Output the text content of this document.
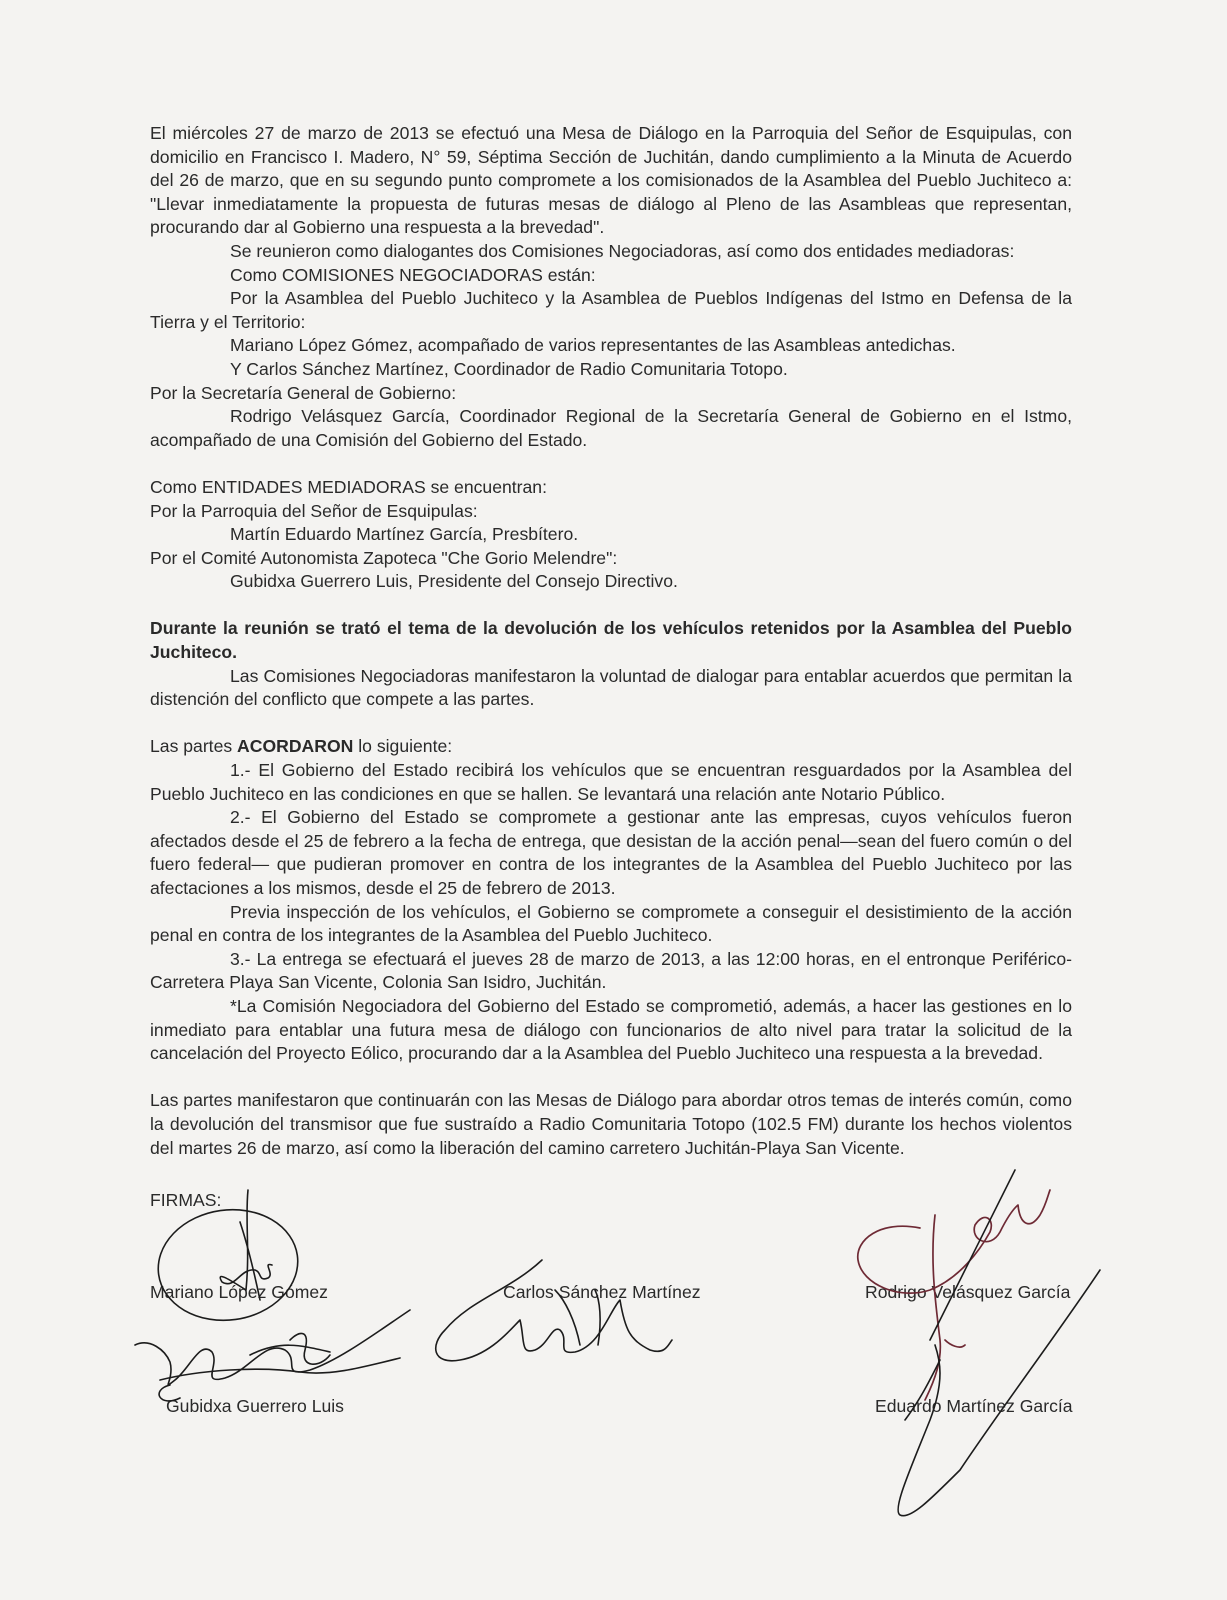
El miércoles 27 de marzo de 2013 se efectuó una Mesa de Diálogo en la Parroquia del Señor de Esquipulas, con domicilio en Francisco I. Madero, N° 59, Séptima Sección de Juchitán, dando cumplimiento a la Minuta de Acuerdo del 26 de marzo, que en su segundo punto compromete a los comisionados de la Asamblea del Pueblo Juchiteco a: "Llevar inmediatamente la propuesta de futuras mesas de diálogo al Pleno de las Asambleas que representan, procurando dar al Gobierno una respuesta a la brevedad".

Se reunieron como dialogantes dos Comisiones Negociadoras, así como dos entidades mediadoras:

Como COMISIONES NEGOCIADORAS están:

Por la Asamblea del Pueblo Juchiteco y la Asamblea de Pueblos Indígenas del Istmo en Defensa de la Tierra y el Territorio:

Mariano López Gómez, acompañado de varios representantes de las Asambleas antedichas.

Y Carlos Sánchez Martínez, Coordinador de Radio Comunitaria Totopo.

Por la Secretaría General de Gobierno:

Rodrigo Velásquez García, Coordinador Regional de la Secretaría General de Gobierno en el Istmo, acompañado de una Comisión del Gobierno del Estado.

Como ENTIDADES MEDIADORAS se encuentran:

Por la Parroquia del Señor de Esquipulas:

Martín Eduardo Martínez García, Presbítero.

Por el Comité Autonomista Zapoteca "Che Gorio Melendre":

Gubidxa Guerrero Luis, Presidente del Consejo Directivo.

Durante la reunión se trató el tema de la devolución de los vehículos retenidos por la Asamblea del Pueblo Juchiteco.

Las Comisiones Negociadoras manifestaron la voluntad de dialogar para entablar acuerdos que permitan la distención del conflicto que compete a las partes.

Las partes ACORDARON lo siguiente:

1.- El Gobierno del Estado recibirá los vehículos que se encuentran resguardados por la Asamblea del Pueblo Juchiteco en las condiciones en que se hallen. Se levantará una relación ante Notario Público.

2.- El Gobierno del Estado se compromete a gestionar ante las empresas, cuyos vehículos fueron afectados desde el 25 de febrero a la fecha de entrega, que desistan de la acción penal—sean del fuero común o del fuero federal— que pudieran promover en contra de los integrantes de la Asamblea del Pueblo Juchiteco por las afectaciones a los mismos, desde el 25 de febrero de 2013.

Previa inspección de los vehículos, el Gobierno se compromete a conseguir el desistimiento de la acción penal en contra de los integrantes de la Asamblea del Pueblo Juchiteco.

3.- La entrega se efectuará el jueves 28 de marzo de 2013, a las 12:00 horas, en el entronque Periférico-Carretera Playa San Vicente, Colonia San Isidro, Juchitán.

*La Comisión Negociadora del Gobierno del Estado se comprometió, además, a hacer las gestiones en lo inmediato para entablar una futura mesa de diálogo con funcionarios de alto nivel para tratar la solicitud de la cancelación del Proyecto Eólico, procurando dar a la Asamblea del Pueblo Juchiteco una respuesta a la brevedad.

Las partes manifestaron que continuarán con las Mesas de Diálogo para abordar otros temas de interés común, como la devolución del transmisor que fue sustraído a Radio Comunitaria Totopo (102.5 FM) durante los hechos violentos del martes 26 de marzo, así como la liberación del camino carretero Juchitán-Playa San Vicente.

FIRMAS:
Mariano López Gómez	Carlos Sánchez Martínez	Rodrigo Velásquez García
Gubidxa Guerrero Luis	Eduardo Martínez García
